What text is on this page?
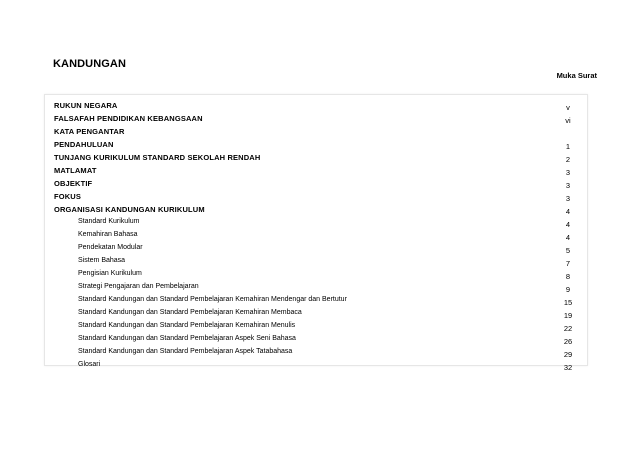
KANDUNGAN
Muka Surat
RUKUN NEGARA	v
FALSAFAH PENDIDIKAN KEBANGSAAN	vi
KATA PENGANTAR
PENDAHULUAN	1
TUNJANG KURIKULUM STANDARD SEKOLAH RENDAH	2
MATLAMAT	3
OBJEKTIF	3
FOKUS	3
ORGANISASI KANDUNGAN KURIKULUM	4
Standard Kurikulum	4
Kemahiran Bahasa	4
Pendekatan Modular	5
Sistem Bahasa	7
Pengisian Kurikulum	8
Strategi Pengajaran dan Pembelajaran	9
Standard Kandungan dan Standard Pembelajaran Kemahiran Mendengar dan Bertutur	15
Standard Kandungan dan Standard Pembelajaran Kemahiran Membaca	19
Standard Kandungan dan Standard Pembelajaran Kemahiran Menulis	22
Standard Kandungan dan Standard Pembelajaran Aspek Seni Bahasa	26
Standard Kandungan dan Standard Pembelajaran Aspek Tatabahasa	29
Glosari	32
